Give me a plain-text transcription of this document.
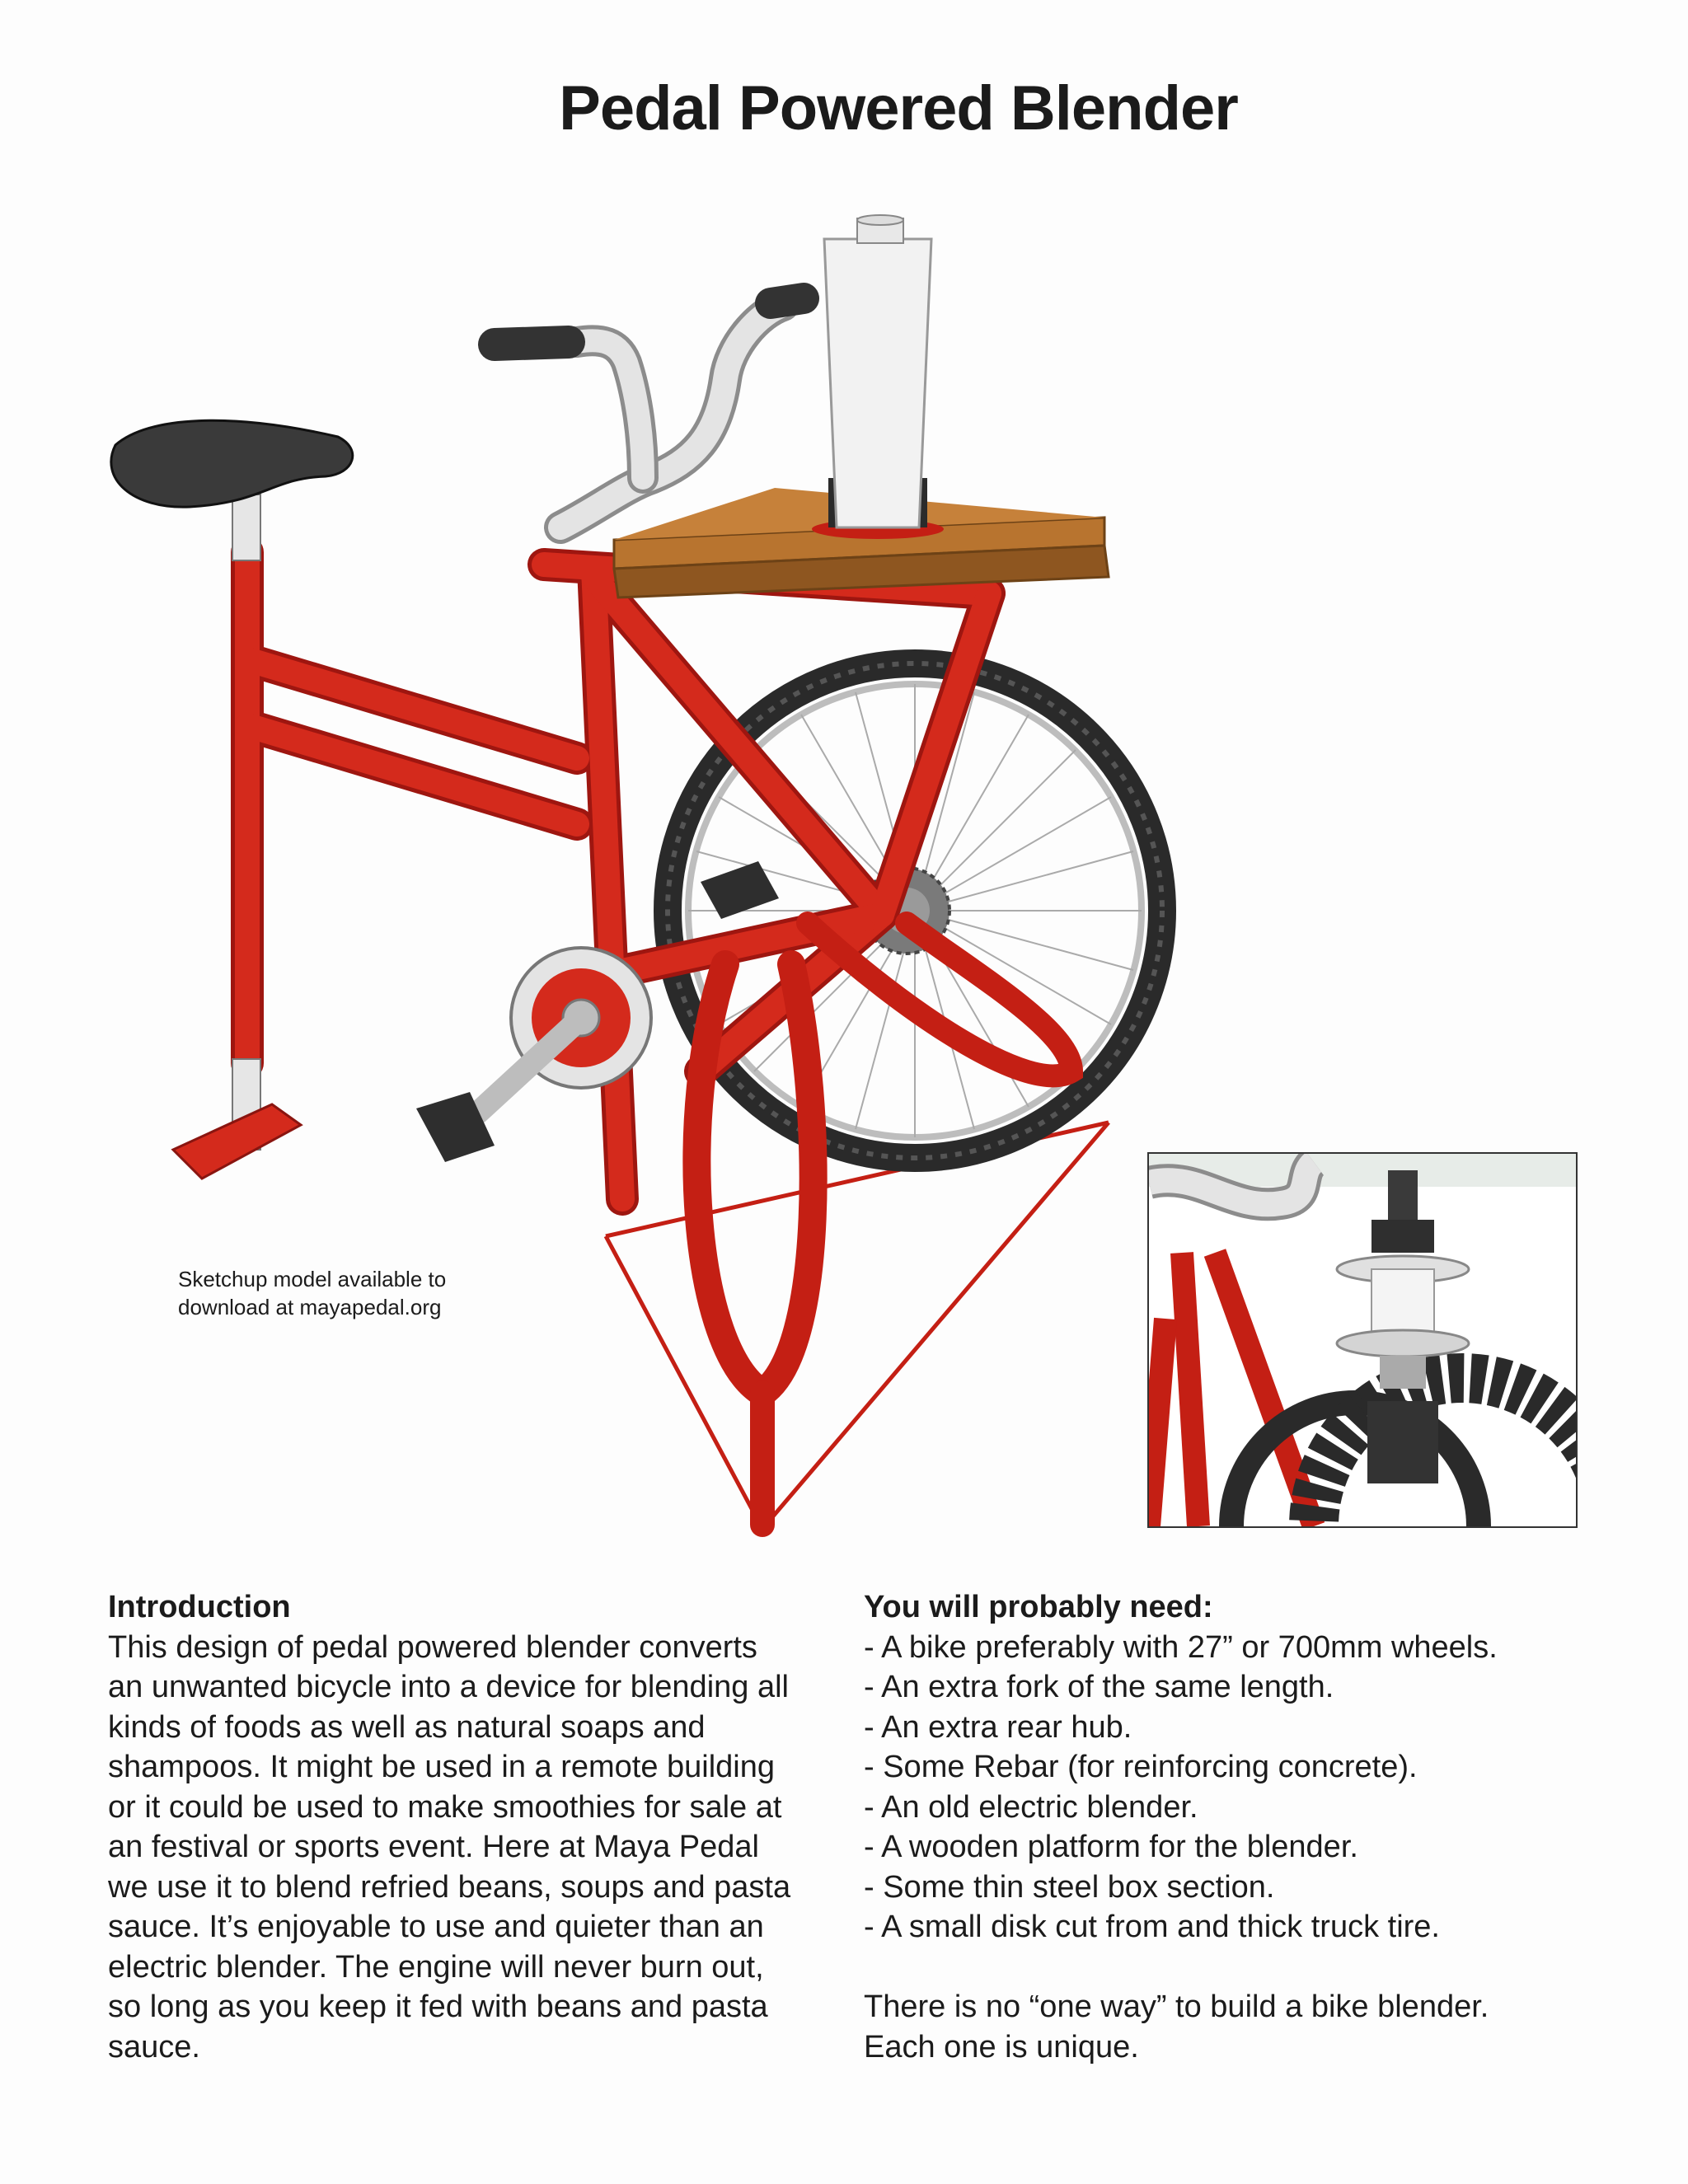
Pedal Powered Blender
Sketchup model available to
download at mayapedal.org
Introduction

This design of pedal powered blender converts

an unwanted bicycle into a device for blending all

kinds of foods as well as natural soaps and

shampoos. It might be used in a remote building

or it could be used to make smoothies for sale at

an festival or sports event. Here at Maya Pedal

we use it to blend refried beans, soups and pasta

sauce. It’s enjoyable to use and quieter than an

electric blender. The engine will never burn out,

so long as you keep it fed with beans and pasta

sauce.

You will probably need:
- A bike preferably with 27” or 700mm wheels.
- An extra fork of the same length.
- An extra rear hub.
- Some Rebar (for reinforcing concrete).
- An old electric blender.
- A wooden platform for the blender.
- Some thin steel box section.
- A small disk cut from and thick truck tire.

There is no “one way” to build a bike blender.

Each one is unique.
